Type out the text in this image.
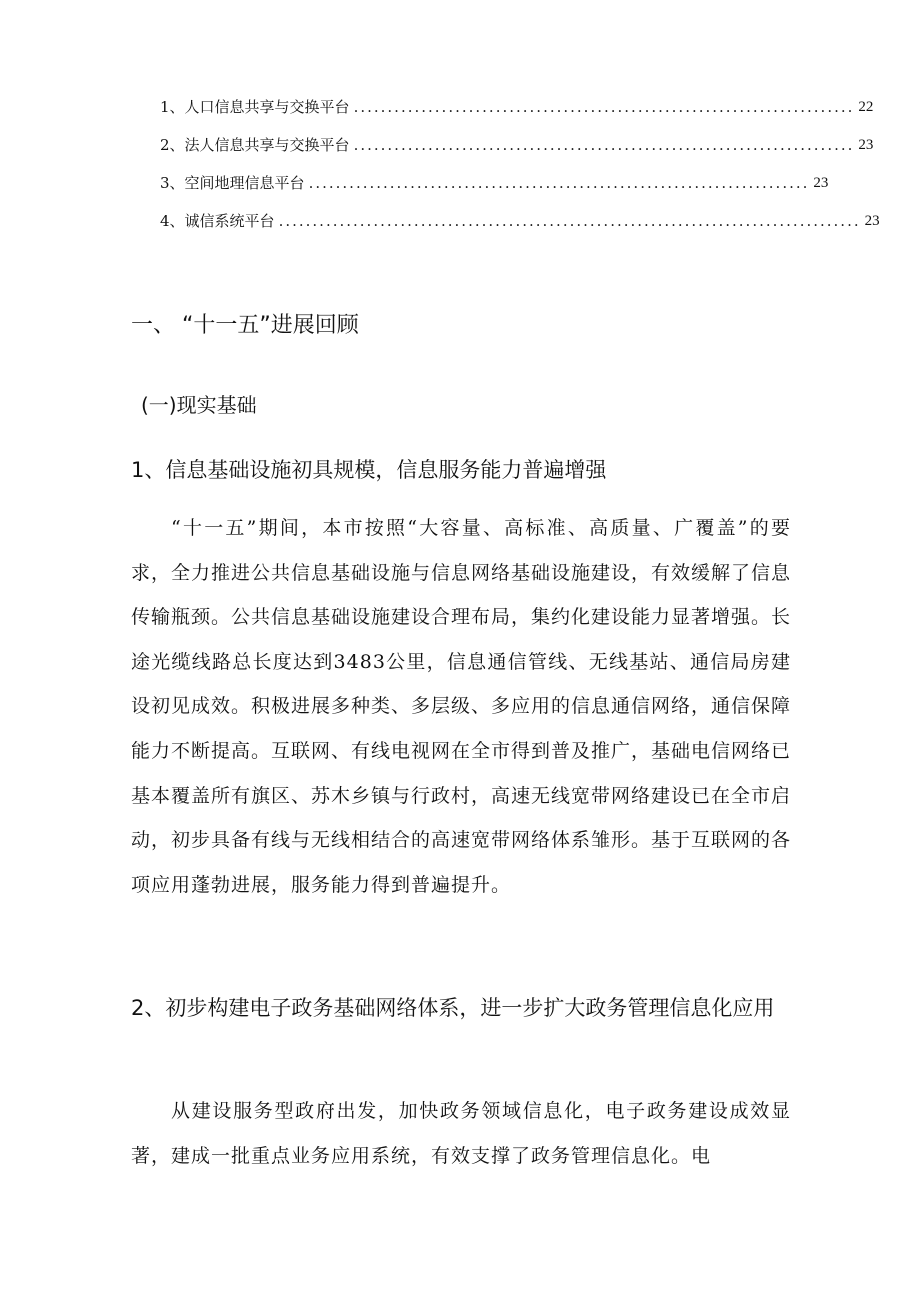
1、 人口信息共享与交换平台 .......................................................................... 22
2、 法人信息共享与交换平台 .......................................................................... 23
3、 空间地理信息平台 .......................................................................... 23
4、 诚信系统平台 ...................................................................................... 23
一、 “十一五”进展回顾
(一)现实基础
1、信息基础设施初具规模，信息服务能力普遍增强

“十一五”期间，本市按照“大容量、高标准、高质量、广覆盖”的要求，全力推进公共信息基础设施与信息网络基础设施建设，有效缓解了信息传输瓶颈。公共信息基础设施建设合理布局，集约化建设能力显著增强。长途光缆线路总长度达到3483公里，信息通信管线、无线基站、通信局房建设初见成效。积极进展多种类、多层级、多应用的信息通信网络，通信保障能力不断提高。互联网、有线电视网在全市得到普及推广，基础电信网络已基本覆盖所有旗区、苏木乡镇与行政村，高速无线宽带网络建设已在全市启动，初步具备有线与无线相结合的高速宽带网络体系雏形。基于互联网的各项应用蓬勃进展，服务能力得到普遍提升。

2、初步构建电子政务基础网络体系，进一步扩大政务管理信息化应用

从建设服务型政府出发，加快政务领域信息化，电子政务建设成效显著，建成一批重点业务应用系统，有效支撑了政务管理信息化。电
